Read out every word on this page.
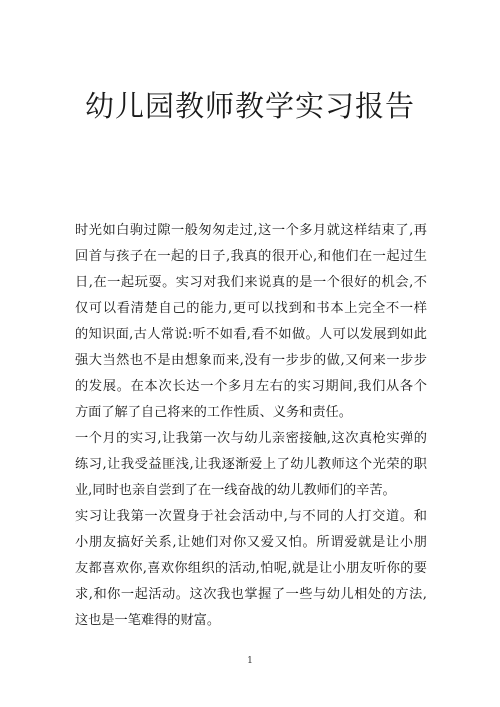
幼儿园教师教学实习报告
时光如白驹过隙一般匆匆走过,这一个多月就这样结束了,再
回首与孩子在一起的日子,我真的很开心,和他们在一起过生
日,在一起玩耍。实习对我们来说真的是一个很好的机会,不
仅可以看清楚自己的能力,更可以找到和书本上完全不一样
的知识面,古人常说:听不如看,看不如做。人可以发展到如此
强大当然也不是由想象而来,没有一步步的做,又何来一步步
的发展。在本次长达一个多月左右的实习期间,我们从各个
方面了解了自己将来的工作性质、义务和责任。
一个月的实习,让我第一次与幼儿亲密接触,这次真枪实弹的
练习,让我受益匪浅,让我逐渐爱上了幼儿教师这个光荣的职
业,同时也亲自尝到了在一线奋战的幼儿教师们的辛苦。
实习让我第一次置身于社会活动中,与不同的人打交道。和
小朋友搞好关系,让她们对你又爱又怕。所谓爱就是让小朋
友都喜欢你,喜欢你组织的活动,怕呢,就是让小朋友听你的要
求,和你一起活动。这次我也掌握了一些与幼儿相处的方法,
这也是一笔难得的财富。
1
